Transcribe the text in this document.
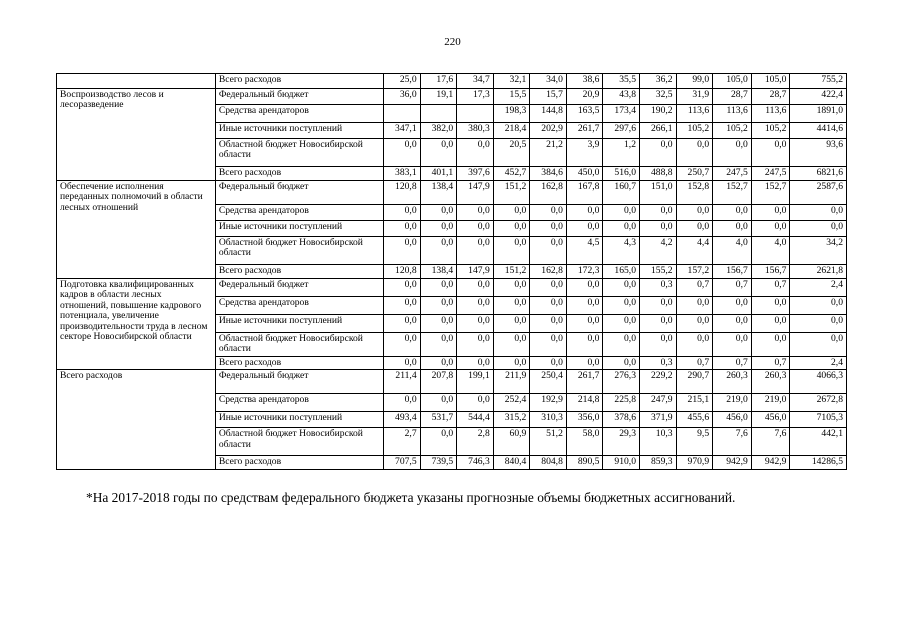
220
	Всего расходов	25,0	17,6	34,7	32,1	34,0	38,6	35,5	36,2	99,0	105,0	105,0	755,2
Воспроизводство лесов и лесоразведение	Федеральный бюджет	36,0	19,1	17,3	15,5	15,7	20,9	43,8	32,5	31,9	28,7	28,7	422,4
	Средства арендаторов				198,3	144,8	163,5	173,4	190,2	113,6	113,6	113,6	1891,0
	Иные источники поступлений	347,1	382,0	380,3	218,4	202,9	261,7	297,6	266,1	105,2	105,2	105,2	4414,6
	Областной бюджет Новосибирской области	0,0	0,0	0,0	20,5	21,2	3,9	1,2	0,0	0,0	0,0	0,0	93,6
	Всего расходов	383,1	401,1	397,6	452,7	384,6	450,0	516,0	488,8	250,7	247,5	247,5	6821,6
Обеспечение исполнения переданных полномочий в области лесных отношений	Федеральный бюджет	120,8	138,4	147,9	151,2	162,8	167,8	160,7	151,0	152,8	152,7	152,7	2587,6
	Средства арендаторов	0,0	0,0	0,0	0,0	0,0	0,0	0,0	0,0	0,0	0,0	0,0	0,0
	Иные источники поступлений	0,0	0,0	0,0	0,0	0,0	0,0	0,0	0,0	0,0	0,0	0,0	0,0
	Областной бюджет Новосибирской области	0,0	0,0	0,0	0,0	0,0	4,5	4,3	4,2	4,4	4,0	4,0	34,2
	Всего расходов	120,8	138,4	147,9	151,2	162,8	172,3	165,0	155,2	157,2	156,7	156,7	2621,8
Подготовка квалифицированных кадров в области лесных отношений, повышение кадрового потенциала, увеличение производительности труда в лесном секторе Новосибирской области	Федеральный бюджет	0,0	0,0	0,0	0,0	0,0	0,0	0,0	0,3	0,7	0,7	0,7	2,4
	Средства арендаторов	0,0	0,0	0,0	0,0	0,0	0,0	0,0	0,0	0,0	0,0	0,0	0,0
	Иные источники поступлений	0,0	0,0	0,0	0,0	0,0	0,0	0,0	0,0	0,0	0,0	0,0	0,0
	Областной бюджет Новосибирской области	0,0	0,0	0,0	0,0	0,0	0,0	0,0	0,0	0,0	0,0	0,0	0,0
	Всего расходов	0,0	0,0	0,0	0,0	0,0	0,0	0,0	0,3	0,7	0,7	0,7	2,4
Всего расходов	Федеральный бюджет	211,4	207,8	199,1	211,9	250,4	261,7	276,3	229,2	290,7	260,3	260,3	4066,3
	Средства арендаторов	0,0	0,0	0,0	252,4	192,9	214,8	225,8	247,9	215,1	219,0	219,0	2672,8
	Иные источники поступлений	493,4	531,7	544,4	315,2	310,3	356,0	378,6	371,9	455,6	456,0	456,0	7105,3
	Областной бюджет Новосибирской области	2,7	0,0	2,8	60,9	51,2	58,0	29,3	10,3	9,5	7,6	7,6	442,1
	Всего расходов	707,5	739,5	746,3	840,4	804,8	890,5	910,0	859,3	970,9	942,9	942,9	14286,5
*На 2017-2018 годы по средствам федерального бюджета указаны прогнозные объемы бюджетных ассигнований.
